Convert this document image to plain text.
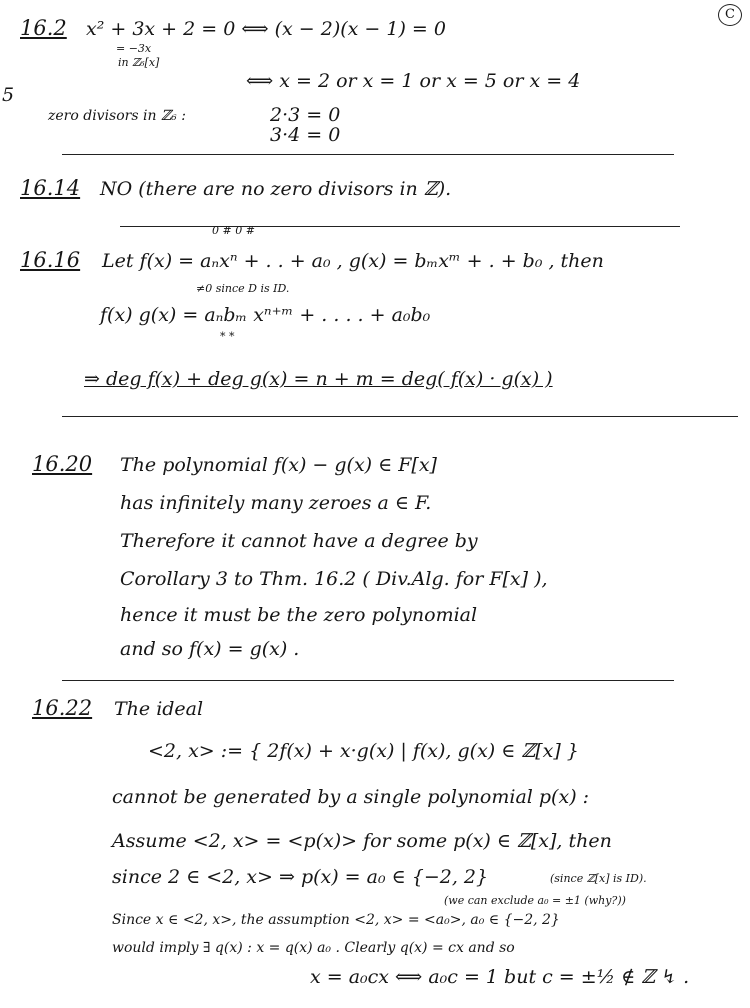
C
5
16.2 x² + 3x + 2 = 0 ⟺ (x − 2)(x − 1) = 0
= −3x
in ℤ₆[x]
⟺ x = 2 or x = 1 or x = 5 or x = 4
zero divisors in ℤ₆ :	2·3 = 0
3·4 = 0
16.14 NO (there are no zero divisors in ℤ).
0 # 0 #
16.16 Let f(x) = aₙxⁿ + . . + a₀ , g(x) = bₘxᵐ + . + b₀ , then
≠0 since D is ID.
f(x) g(x) = aₙbₘ xⁿ⁺ᵐ + . . . . + a₀b₀
* *
⇒ deg f(x) + deg g(x) = n + m = deg( f(x) · g(x) )
16.20 The polynomial f(x) − g(x) ∈ F[x]
has infinitely many zeroes a ∈ F.
Therefore it cannot have a degree by
Corollary 3 to Thm. 16.2 ( Div.Alg. for F[x] ),
hence it must be the zero polynomial
and so f(x) = g(x) .
16.22 The ideal
<2, x> := { 2f(x) + x·g(x) | f(x), g(x) ∈ ℤ[x] }
cannot be generated by a single polynomial p(x) :
Assume <2, x> = <p(x)> for some p(x) ∈ ℤ[x], then
since 2 ∈ <2, x> ⇒ p(x) = a₀ ∈ {−2, 2}	(since ℤ[x] is ID).
(we can exclude a₀ = ±1 (why?))
Since x ∈ <2, x>, the assumption <2, x> = <a₀>, a₀ ∈ {−2, 2}
would imply ∃ q(x) : x = q(x) a₀ . Clearly q(x) = cx and so
x = a₀cx ⟺ a₀c = 1 but c = ±½ ∉ ℤ ↯ .
